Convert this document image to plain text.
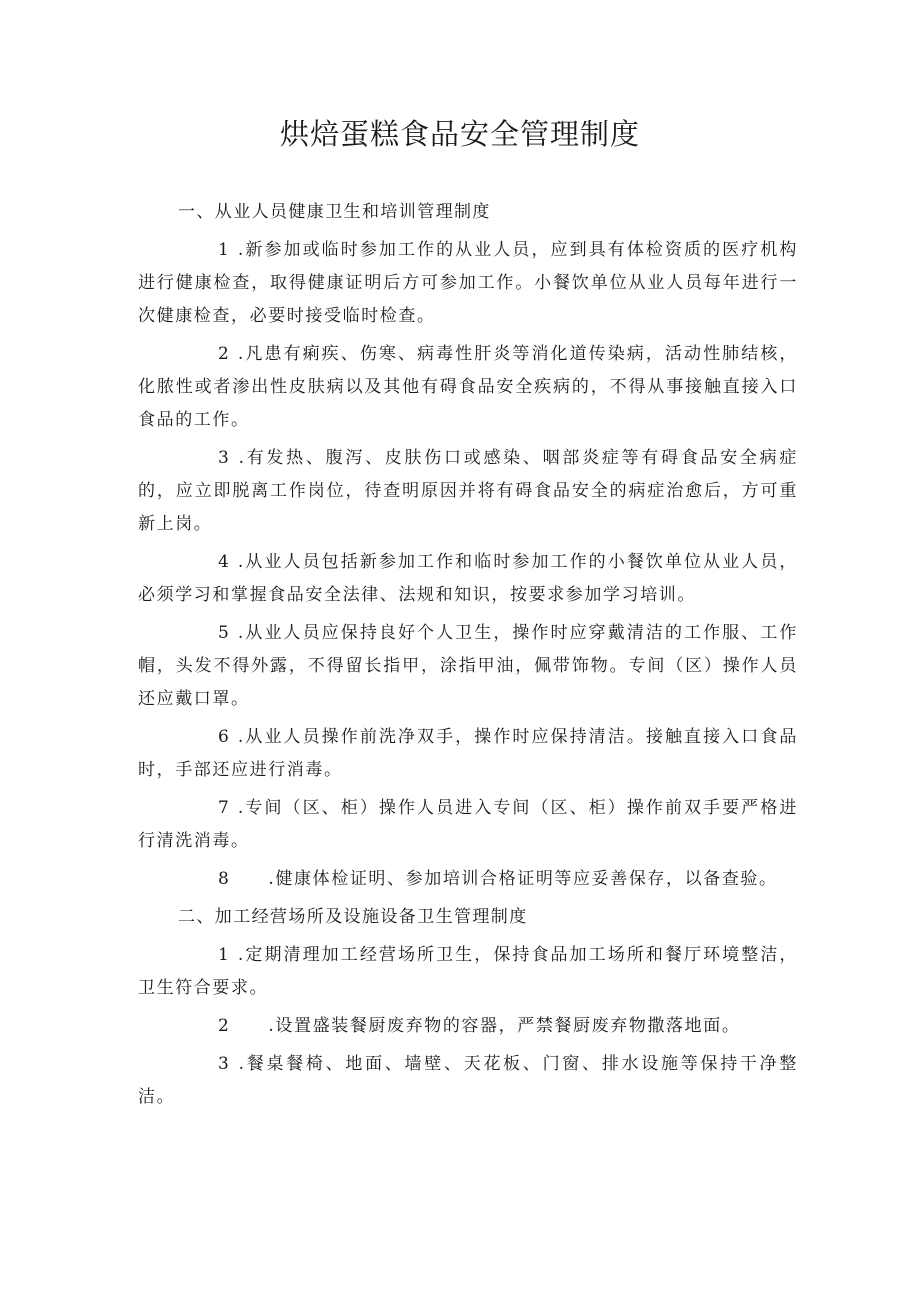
烘焙蛋糕食品安全管理制度

一、从业人员健康卫生和培训管理制度

1 .新参加或临时参加工作的从业人员，应到具有体检资质的医疗机构进行健康检查，取得健康证明后方可参加工作。小餐饮单位从业人员每年进行一次健康检查，必要时接受临时检查。

2 .凡患有痢疾、伤寒、病毒性肝炎等消化道传染病，活动性肺结核，化脓性或者渗出性皮肤病以及其他有碍食品安全疾病的，不得从事接触直接入口食品的工作。

3 .有发热、腹泻、皮肤伤口或感染、咽部炎症等有碍食品安全病症的，应立即脱离工作岗位，待查明原因并将有碍食品安全的病症治愈后，方可重新上岗。

4 .从业人员包括新参加工作和临时参加工作的小餐饮单位从业人员，必须学习和掌握食品安全法律、法规和知识，按要求参加学习培训。

5 .从业人员应保持良好个人卫生，操作时应穿戴清洁的工作服、工作帽，头发不得外露，不得留长指甲，涂指甲油，佩带饰物。专间（区）操作人员还应戴口罩。

6 .从业人员操作前洗净双手，操作时应保持清洁。接触直接入口食品时，手部还应进行消毒。

7 .专间（区、柜）操作人员进入专间（区、柜）操作前双手要严格进行清洗消毒。

8 .健康体检证明、参加培训合格证明等应妥善保存，以备查验。

二、加工经营场所及设施设备卫生管理制度

1 .定期清理加工经营场所卫生，保持食品加工场所和餐厅环境整洁，卫生符合要求。

2 .设置盛装餐厨废弃物的容器，严禁餐厨废弃物撒落地面。

3 .餐桌餐椅、地面、墙壁、天花板、门窗、排水设施等保持干净整洁。
